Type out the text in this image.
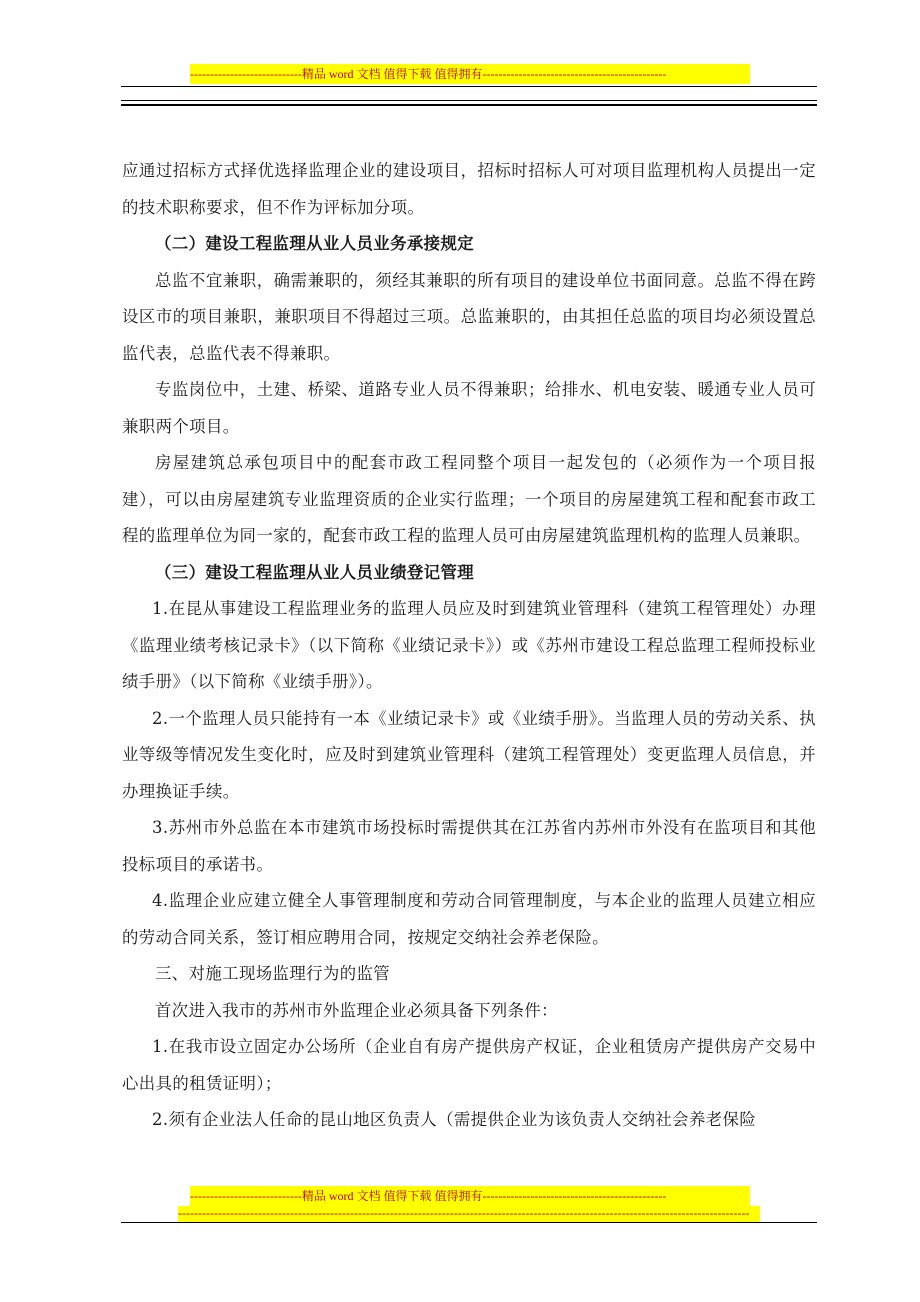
----------------------------精品 word 文档 值得下载 值得拥有----------------------------------------------

应通过招标方式择优选择监理企业的建设项目，招标时招标人可对项目监理机构人员提出一定的技术职称要求，但不作为评标加分项。

（二）建设工程监理从业人员业务承接规定

总监不宜兼职，确需兼职的，须经其兼职的所有项目的建设单位书面同意。总监不得在跨设区市的项目兼职，兼职项目不得超过三项。总监兼职的，由其担任总监的项目均必须设置总监代表，总监代表不得兼职。

专监岗位中，土建、桥梁、道路专业人员不得兼职；给排水、机电安装、暖通专业人员可兼职两个项目。

房屋建筑总承包项目中的配套市政工程同整个项目一起发包的（必须作为一个项目报建），可以由房屋建筑专业监理资质的企业实行监理；一个项目的房屋建筑工程和配套市政工程的监理单位为同一家的，配套市政工程的监理人员可由房屋建筑监理机构的监理人员兼职。

（三）建设工程监理从业人员业绩登记管理

1.在昆从事建设工程监理业务的监理人员应及时到建筑业管理科（建筑工程管理处）办理《监理业绩考核记录卡》（以下简称《业绩记录卡》）或《苏州市建设工程总监理工程师投标业绩手册》（以下简称《业绩手册》）。

2.一个监理人员只能持有一本《业绩记录卡》或《业绩手册》。当监理人员的劳动关系、执业等级等情况发生变化时，应及时到建筑业管理科（建筑工程管理处）变更监理人员信息，并办理换证手续。

3.苏州市外总监在本市建筑市场投标时需提供其在江苏省内苏州市外没有在监项目和其他投标项目的承诺书。

4.监理企业应建立健全人事管理制度和劳动合同管理制度，与本企业的监理人员建立相应的劳动合同关系，签订相应聘用合同，按规定交纳社会养老保险。

三、对施工现场监理行为的监管

首次进入我市的苏州市外监理企业必须具备下列条件：

1.在我市设立固定办公场所（企业自有房产提供房产权证，企业租赁房产提供房产交易中心出具的租赁证明）；

2.须有企业法人任命的昆山地区负责人（需提供企业为该负责人交纳社会养老保险

----------------------------精品 word 文档 值得下载 值得拥有----------------------------------------------
-----------------------------------------------------------------------------------------------------------------------------------------------
